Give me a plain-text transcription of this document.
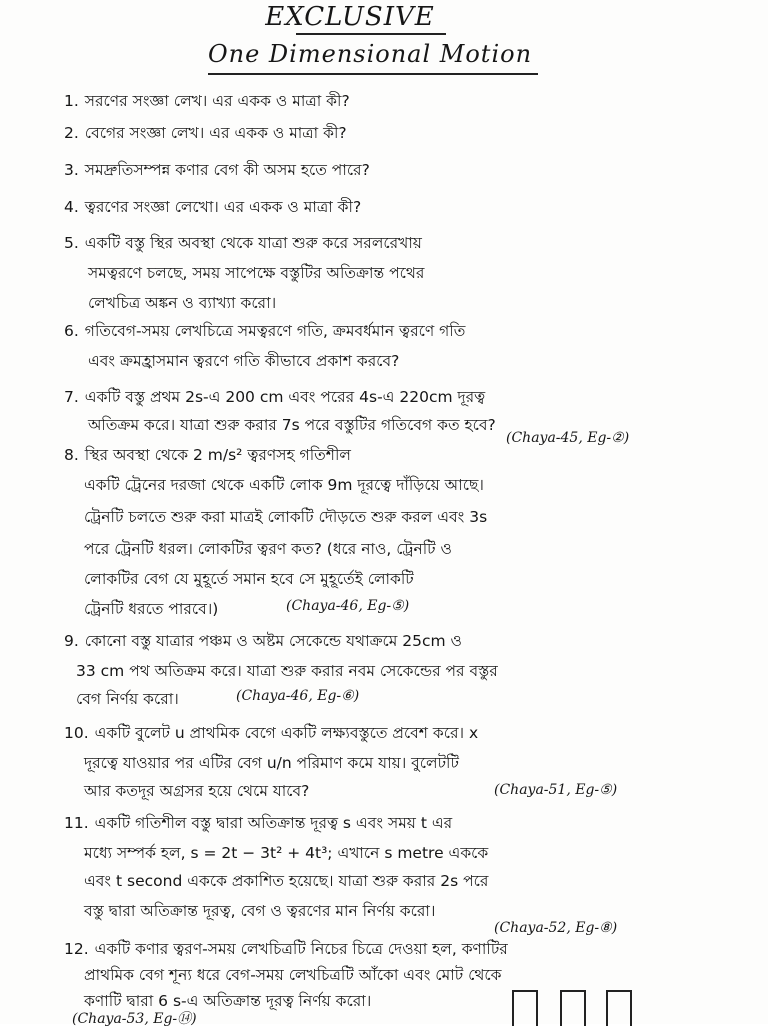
EXCLUSIVE
One Dimensional Motion
1. সরণের সংজ্ঞা লেখ। এর একক ও মাত্রা কী?
2. বেগের সংজ্ঞা লেখ। এর একক ও মাত্রা কী?
3. সমদ্রুতিসম্পন্ন কণার বেগ কী অসম হতে পারে?
4. ত্বরণের সংজ্ঞা লেখো। এর একক ও মাত্রা কী?
5. একটি বস্তু স্থির অবস্থা থেকে যাত্রা শুরু করে সরলরেখায়
সমত্বরণে চলছে, সময় সাপেক্ষে বস্তুটির অতিক্রান্ত পথের
লেখচিত্র অঙ্কন ও ব্যাখ্যা করো।
6. গতিবেগ-সময় লেখচিত্রে সমত্বরণে গতি, ক্রমবর্ধমান ত্বরণে গতি
এবং ক্রমহ্রাসমান ত্বরণে গতি কীভাবে প্রকাশ করবে?
7. একটি বস্তু প্রথম 2s-এ 200 cm এবং পরের 4s-এ 220cm দূরত্ব
অতিক্রম করে। যাত্রা শুরু করার 7s পরে বস্তুটির গতিবেগ কত হবে?
8. স্থির অবস্থা থেকে 2 m/s² ত্বরণসহ গতিশীল
(Chaya-45, Eg-②)
একটি ট্রেনের দরজা থেকে একটি লোক 9m দূরত্বে দাঁড়িয়ে আছে।
ট্রেনটি চলতে শুরু করা মাত্রই লোকটি দৌড়তে শুরু করল এবং 3s
পরে ট্রেনটি ধরল। লোকটির ত্বরণ কত? (ধরে নাও, ট্রেনটি ও
লোকটির বেগ যে মুহূর্তে সমান হবে সে মুহূর্তেই লোকটি
ট্রেনটি ধরতে পারবে।)	(Chaya-46, Eg-⑤)
9. কোনো বস্তু যাত্রার পঞ্চম ও অষ্টম সেকেন্ডে যথাক্রমে 25cm ও
33 cm পথ অতিক্রম করে। যাত্রা শুরু করার নবম সেকেন্ডের পর বস্তুর
বেগ নির্ণয় করো।	(Chaya-46, Eg-⑥)
10. একটি বুলেট u প্রাথমিক বেগে একটি লক্ষ্যবস্তুতে প্রবেশ করে। x
দূরত্বে যাওয়ার পর এটির বেগ u/n পরিমাণ কমে যায়। বুলেটটি
আর কতদূর অগ্রসর হয়ে থেমে যাবে?	(Chaya-51, Eg-⑤)
11. একটি গতিশীল বস্তু দ্বারা অতিক্রান্ত দূরত্ব s এবং সময় t এর
মধ্যে সম্পর্ক হল, s = 2t − 3t² + 4t³; এখানে s metre এককে
এবং t second এককে প্রকাশিত হয়েছে। যাত্রা শুরু করার 2s পরে
বস্তু দ্বারা অতিক্রান্ত দূরত্ব, বেগ ও ত্বরণের মান নির্ণয় করো।
(Chaya-52, Eg-⑧)
12. একটি কণার ত্বরণ-সময় লেখচিত্রটি নিচের চিত্রে দেওয়া হল, কণাটির
প্রাথমিক বেগ শূন্য ধরে বেগ-সময় লেখচিত্রটি আঁকো এবং মোট থেকে
কণাটি দ্বারা 6 s-এ অতিক্রান্ত দূরত্ব নির্ণয় করো।
(Chaya-53, Eg-⑭)
